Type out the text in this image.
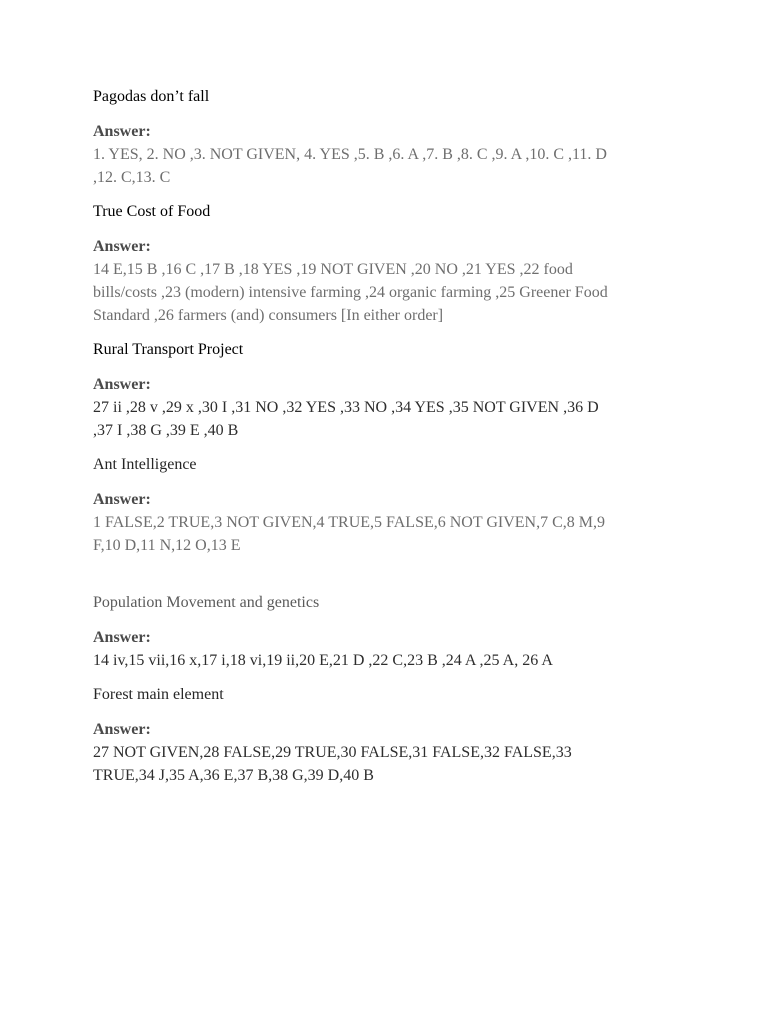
Pagodas don’t fall

Answer:

1. YES, 2. NO ,3. NOT GIVEN, 4. YES ,5. B ,6. A ,7. B ,8. C ,9. A ,10. C ,11. D
,12. C,13. C

True Cost of Food

Answer:

14 E,15 B ,16 C ,17 B ,18 YES ,19 NOT GIVEN ,20 NO ,21 YES ,22 food
bills/costs ,23 (modern) intensive farming ,24 organic farming ,25 Greener Food
Standard ,26 farmers (and) consumers [In either order]

Rural Transport Project

Answer:

27 ii ,28 v ,29 x ,30 I ,31 NO ,32 YES ,33 NO ,34 YES ,35 NOT GIVEN ,36 D
,37 I ,38 G ,39 E ,40 B

Ant Intelligence

Answer:

1 FALSE,2 TRUE,3 NOT GIVEN,4 TRUE,5 FALSE,6 NOT GIVEN,7 C,8 M,9
F,10 D,11 N,12 O,13 E

Population Movement and genetics

Answer:

14 iv,15 vii,16 x,17 i,18 vi,19 ii,20 E,21 D ,22 C,23 B ,24 A ,25 A, 26 A

Forest main element

Answer:

27 NOT GIVEN,28 FALSE,29 TRUE,30 FALSE,31 FALSE,32 FALSE,33
TRUE,34 J,35 A,36 E,37 B,38 G,39 D,40 B
